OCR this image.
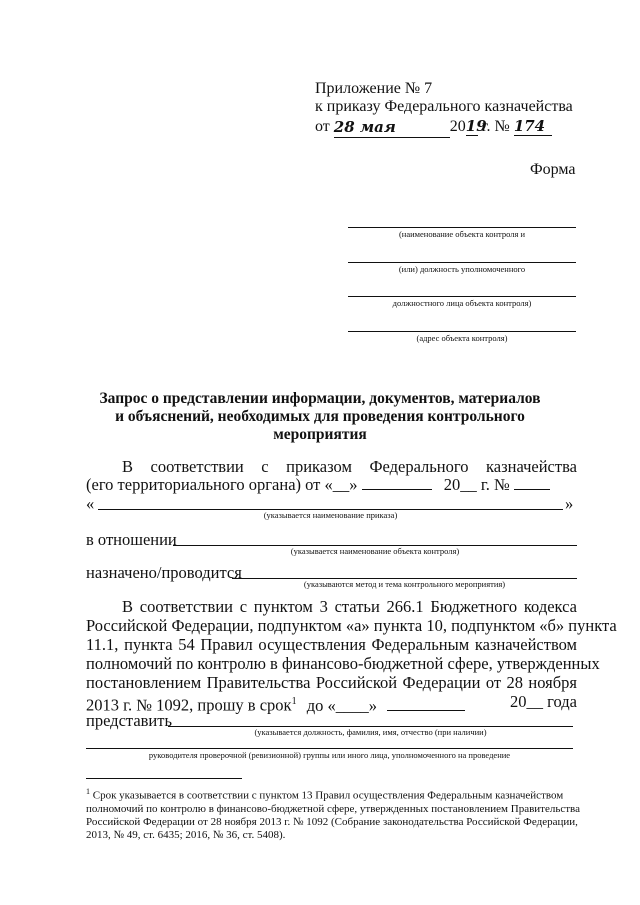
Приложение № 7
к приказу Федерального казначейства
от 28 мая	2019 г. № 174
Форма
(наименование объекта контроля и
(или) должность уполномоченного
должностного лица объекта контроля)
(адрес объекта контроля)
Запрос о представлении информации, документов, материалов
и объяснений, необходимых для проведения контрольного
мероприятия
В соответствии с приказом Федерального казначейства
(его территориального органа) от «__»	20__ г. №
«	»
(указывается наименование приказа)
в отношении
(указывается наименование объекта контроля)
назначено/проводится
(указываются метод и тема контрольного мероприятия)
В соответствии с пунктом 3 статьи 266.1 Бюджетного кодекса
Российской Федерации, подпунктом «а» пункта 10, подпунктом «б» пункта
11.1, пункта 54 Правил осуществления Федеральным казначейством
полномочий по контролю в финансово-бюджетной сфере, утвержденных
постановлением Правительства Российской Федерации от 28 ноября
2013 г. № 1092, прошу в срок$^1$ до «____»	20__ года
представить
(указывается должность, фамилия, имя, отчество (при наличии)
руководителя проверочной (ревизионной) группы или иного лица, уполномоченного на проведение
$^1$ Срок указывается в соответствии с пунктом 13 Правил осуществления Федеральным казначейством
полномочий по контролю в финансово-бюджетной сфере, утвержденных постановлением Правительства
Российской Федерации от 28 ноября 2013 г. № 1092 (Собрание законодательства Российской Федерации,
2013, № 49, ст. 6435; 2016, № 36, ст. 5408).
